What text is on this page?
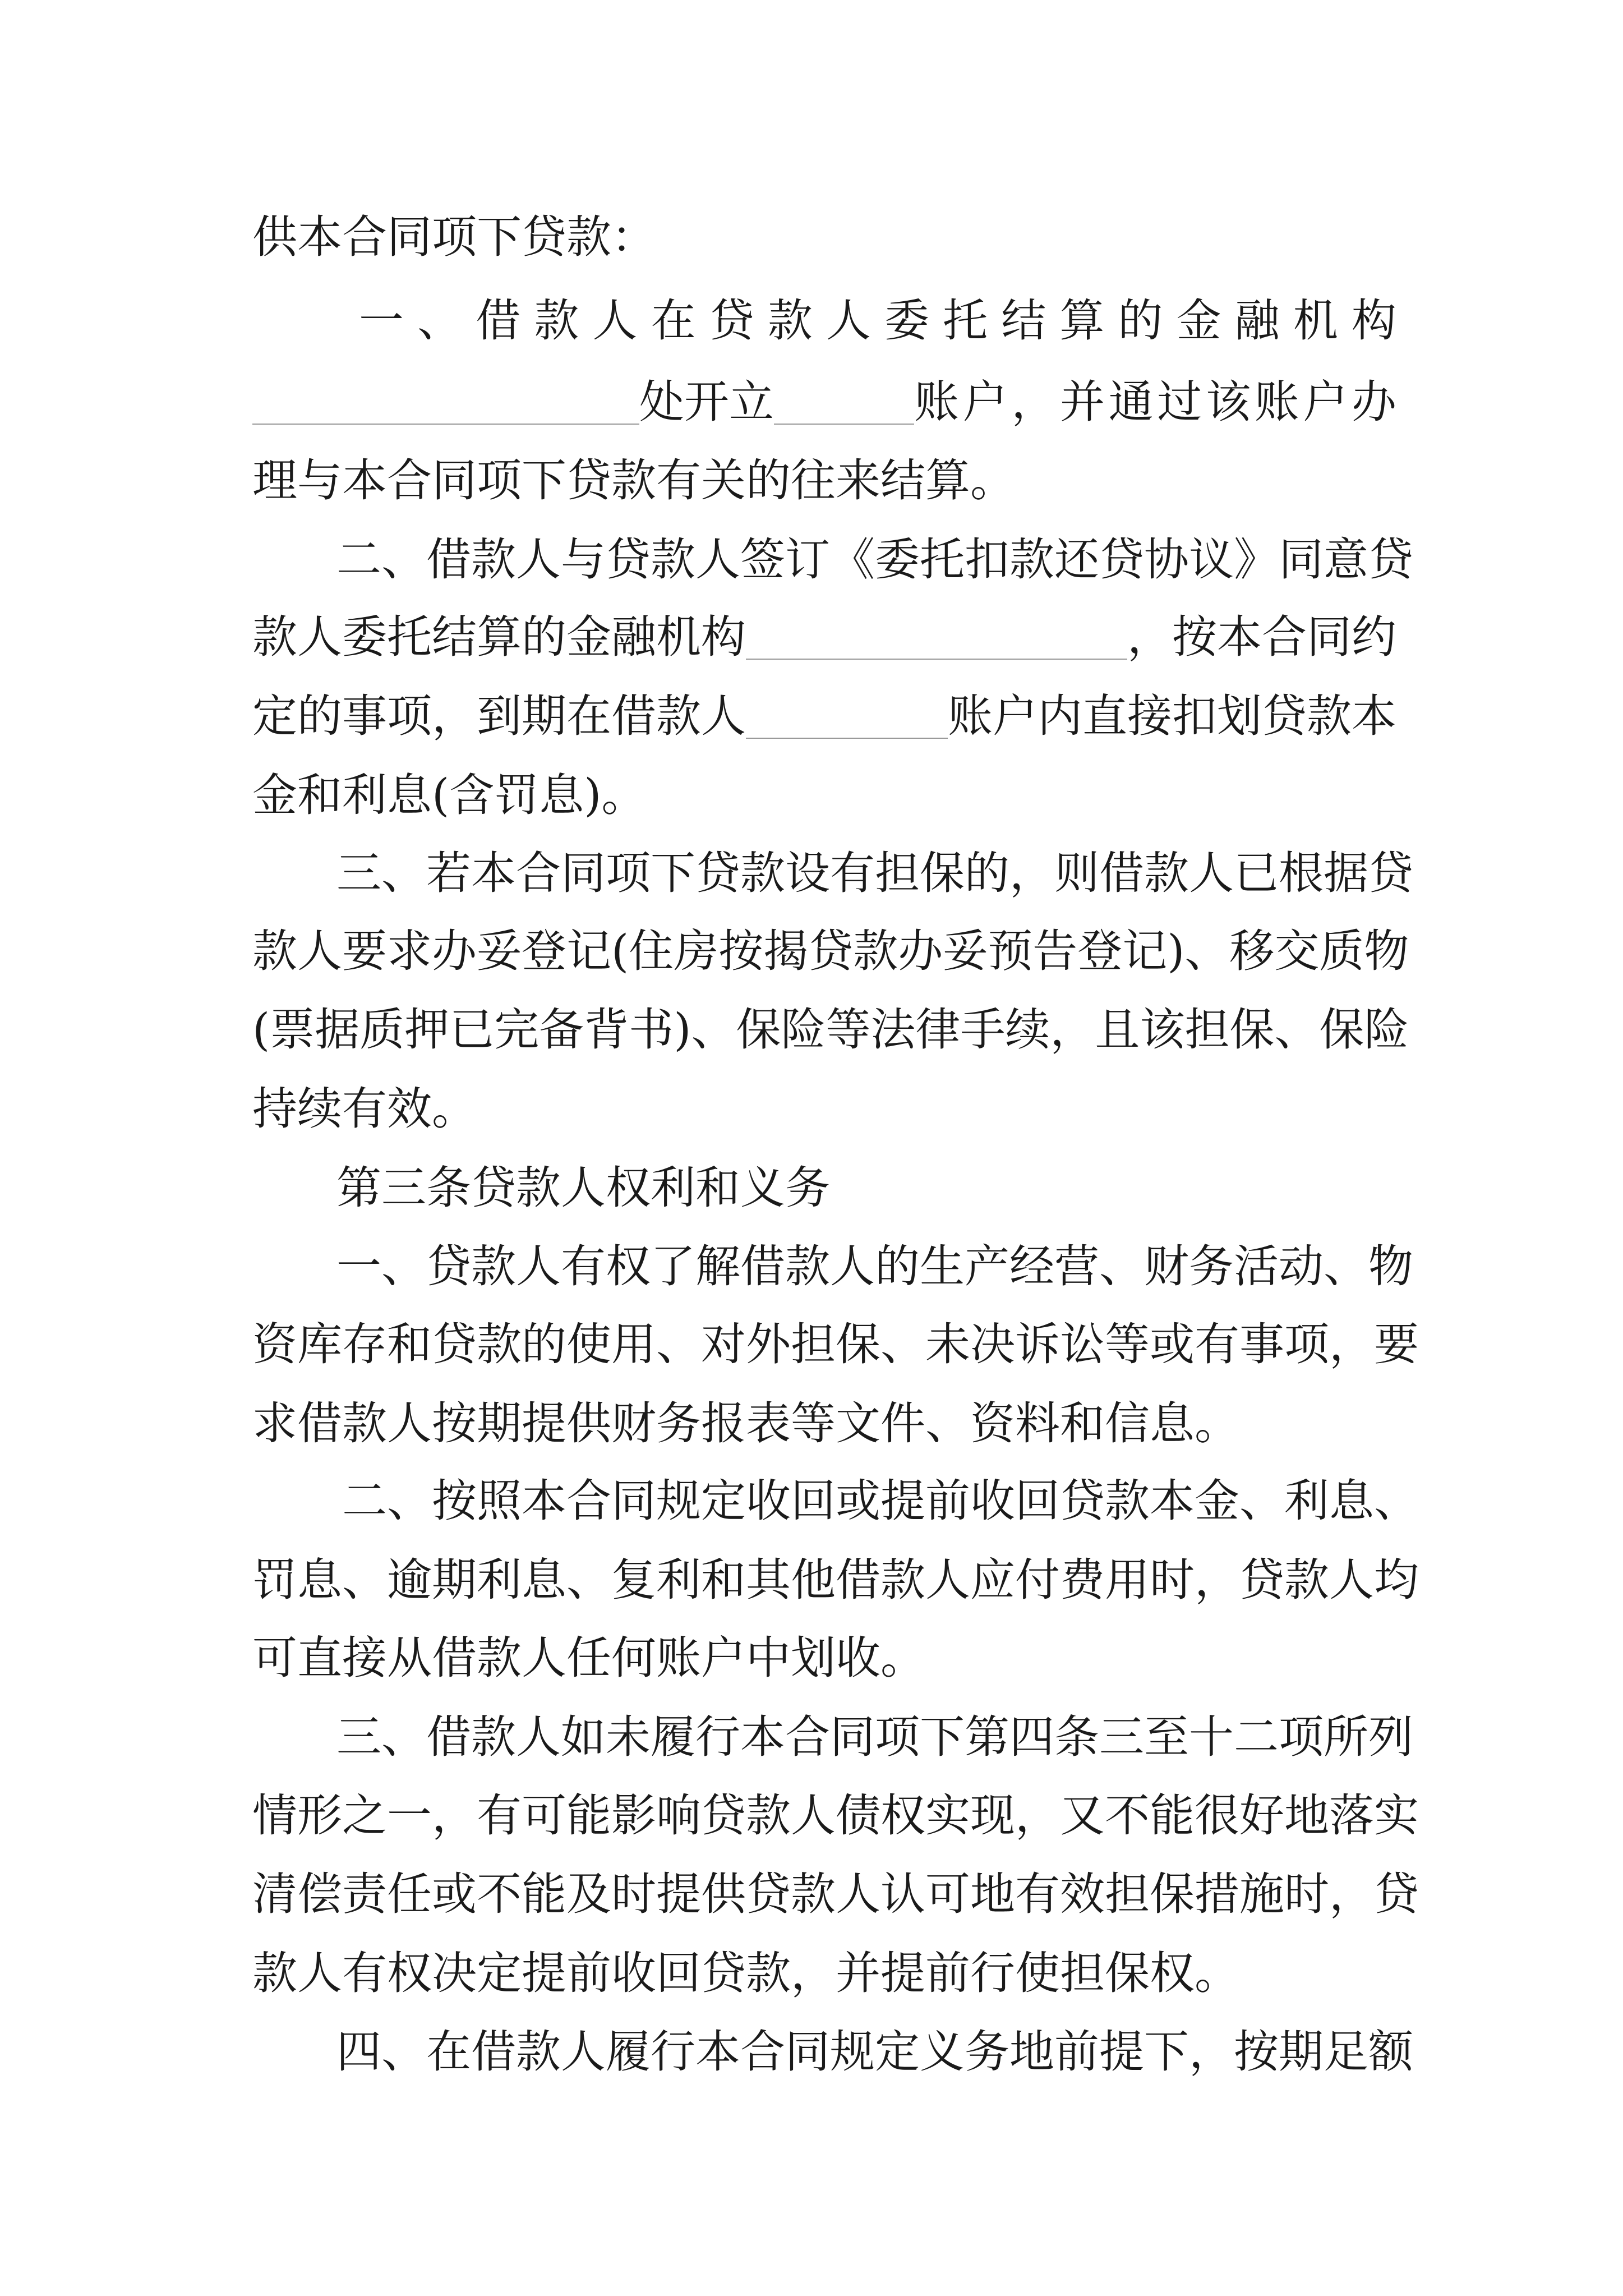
供本合同项下贷款：
一、借款人在贷款人委托结算的金融机构
处开立	账户，并通过该账户办
理与本合同项下贷款有关的往来结算。
二、借款人与贷款人签订《委托扣款还贷协议》同意贷
款人委托结算的金融机构	，按本合同约
定的事项，到期在借款人	账户内直接扣划贷款本
金和利息(含罚息)。
三、若本合同项下贷款设有担保的，则借款人已根据贷
款人要求办妥登记(住房按揭贷款办妥预告登记)、移交质物
(票据质押已完备背书)、保险等法律手续，且该担保、保险
持续有效。
第三条贷款人权利和义务
一、贷款人有权了解借款人的生产经营、财务活动、物
资库存和贷款的使用、对外担保、未决诉讼等或有事项，要
求借款人按期提供财务报表等文件、资料和信息。
二、按照本合同规定收回或提前收回贷款本金、利息、
罚息、逾期利息、复利和其他借款人应付费用时，贷款人均
可直接从借款人任何账户中划收。
三、借款人如未履行本合同项下第四条三至十二项所列
情形之一，有可能影响贷款人债权实现，又不能很好地落实
清偿责任或不能及时提供贷款人认可地有效担保措施时，贷
款人有权决定提前收回贷款，并提前行使担保权。
四、在借款人履行本合同规定义务地前提下，按期足额
